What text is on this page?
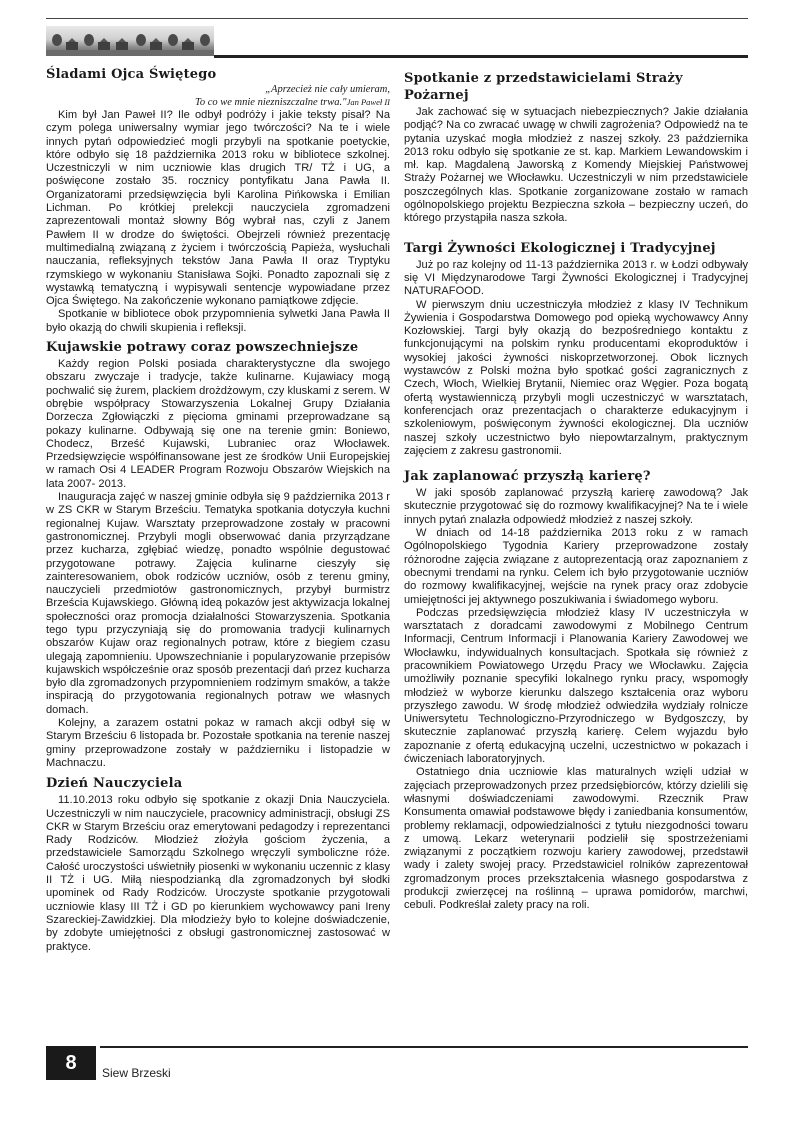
Śladami Ojca Świętego
„Aprzecież nie cały umieram,
To co we mnie niezniszczalne trwa."Jan Paweł II

Kim był Jan Paweł II? Ile odbył podróży i jakie teksty pisał? Na czym polega uniwersalny wymiar jego twórczości? Na te i wiele innych pytań odpowiedzieć mogli przybyli na spotkanie poetyckie, które odbyło się 18 października 2013 roku w bibliotece szkolnej. Uczestniczyli w nim uczniowie klas drugich TR/ TŻ i UG, a poświęcone zostało 35. rocznicy pontyfikatu Jana Pawła II. Organizatorami przedsięwzięcia byli Karolina Pińkowska i Emilian Lichman. Po krótkiej prelekcji nauczyciela zgromadzeni zaprezentowali montaż słowny Bóg wybrał nas, czyli z Janem Pawłem II w drodze do świętości. Obejrzeli również prezentację multimedialną związaną z życiem i twórczością Papieża, wysłuchali nauczania, refleksyjnych tekstów Jana Pawła II oraz Tryptyku rzymskiego w wykonaniu Stanisława Sojki. Ponadto zapoznali się z wystawką tematyczną i wypisywali sentencje wypowiadane przez Ojca Świętego. Na zakończenie wykonano pamiątkowe zdjęcie.

Spotkanie w bibliotece obok przypomnienia sylwetki Jana Pawła II było okazją do chwili skupienia i refleksji.

Kujawskie potrawy coraz powszechniejsze

Każdy region Polski posiada charakterystyczne dla swojego obszaru zwyczaje i tradycje, także kulinarne. Kujawiacy mogą pochwalić się żurem, plackiem drożdżowym, czy kluskami z serem. W obrębie współpracy Stowarzyszenia Lokalnej Grupy Działania Dorzecza Zgłowiączki z pięcioma gminami przeprowadzane są pokazy kulinarne. Odbywają się one na terenie gmin: Boniewo, Chodecz, Brześć Kujawski, Lubraniec oraz Włocławek. Przedsięwzięcie współfinansowane jest ze środków Unii Europejskiej w ramach Osi 4 LEADER Program Rozwoju Obszarów Wiejskich na lata 2007- 2013.

Inauguracja zajęć w naszej gminie odbyła się 9 października 2013 r w ZS CKR w Starym Brześciu. Tematyka spotkania dotyczyła kuchni regionalnej Kujaw. Warsztaty przeprowadzone zostały w pracowni gastronomicznej. Przybyli mogli obserwować dania przyrządzane przez kucharza, zgłębiać wiedzę, ponadto wspólnie degustować przygotowane potrawy. Zajęcia kulinarne cieszyły się zainteresowaniem, obok rodziców uczniów, osób z terenu gminy, nauczycieli przedmiotów gastronomicznych, przybył burmistrz Brześcia Kujawskiego. Główną ideą pokazów jest aktywizacja lokalnej społeczności oraz promocja działalności Stowarzyszenia. Spotkania tego typu przyczyniają się do promowania tradycji kulinarnych obszarów Kujaw oraz regionalnych potraw, które z biegiem czasu ulegają zapomnieniu. Upowszechnianie i popularyzowanie przepisów kujawskich współcześnie oraz sposób prezentacji dań przez kucharza było dla zgromadzonych przypomnieniem rodzimym smaków, a także inspiracją do przygotowania regionalnych potraw we własnych domach.

Kolejny, a zarazem ostatni pokaz w ramach akcji odbył się w Starym Brześciu 6 listopada br. Pozostałe spotkania na terenie naszej gminy przeprowadzone zostały w październiku i listopadzie w Machnaczu.

Dzień Nauczyciela

11.10.2013 roku odbyło się spotkanie z okazji Dnia Nauczyciela. Uczestniczyli w nim nauczyciele, pracownicy administracji, obsługi ZS CKR w Starym Brześciu oraz emerytowani pedagodzy i reprezentanci Rady Rodziców. Młodzież złożyła gościom życzenia, a przedstawiciele Samorządu Szkolnego wręczyli symboliczne róże. Całość uroczystości uświetniły piosenki w wykonaniu uczennic z klasy II TŻ i UG. Miłą niespodzianką dla zgromadzonych był słodki upominek od Rady Rodziców. Uroczyste spotkanie przygotowali uczniowie klasy III TŻ i GD po kierunkiem wychowawcy pani Ireny Szareckiej-Zawidzkiej. Dla młodzieży było to kolejne doświadczenie, by zdobyte umiejętności z obsługi gastronomicznej zastosować w praktyce.

Spotkanie z przedstawicielami Straży Pożarnej

Jak zachować się w sytuacjach niebezpiecznych? Jakie działania podjąć? Na co zwracać uwagę w chwili zagrożenia? Odpowiedź na te pytania uzyskać mogła młodzież z naszej szkoły. 23 października 2013 roku odbyło się spotkanie ze st. kap. Markiem Lewandowskim i mł. kap. Magdaleną Jaworską z Komendy Miejskiej Państwowej Straży Pożarnej we Włocławku. Uczestniczyli w nim przedstawiciele poszczególnych klas. Spotkanie zorganizowane zostało w ramach ogólnopolskiego projektu Bezpieczna szkoła – bezpieczny uczeń, do którego przystąpiła nasza szkoła.

Targi Żywności Ekologicznej i Tradycyjnej

Już po raz kolejny od 11-13 października 2013 r. w Łodzi odbywały się VI Międzynarodowe Targi Żywności Ekologicznej i Tradycyjnej NATURAFOOD.

W pierwszym dniu uczestniczyła młodzież z klasy IV Technikum Żywienia i Gospodarstwa Domowego pod opieką wychowawcy Anny Kozłowskiej. Targi były okazją do bezpośredniego kontaktu z funkcjonującymi na polskim rynku producentami ekoproduktów i wysokiej jakości żywności niskoprzetworzonej. Obok licznych wystawców z Polski można było spotkać gości zagranicznych z Czech, Włoch, Wielkiej Brytanii, Niemiec oraz Węgier. Poza bogatą ofertą wystawienniczą przybyli mogli uczestniczyć w warsztatach, konferencjach oraz prezentacjach o charakterze edukacyjnym i szkoleniowym, poświęconym żywności ekologicznej. Dla uczniów naszej szkoły uczestnictwo było niepowtarzalnym, praktycznym zajęciem z zakresu gastronomii.

Jak zaplanować przyszłą karierę?

W jaki sposób zaplanować przyszłą karierę zawodową? Jak skutecznie przygotować się do rozmowy kwalifikacyjnej? Na te i wiele innych pytań znalazła odpowiedź młodzież z naszej szkoły.

W dniach od 14-18 października 2013 roku z w ramach Ogólnopolskiego Tygodnia Kariery przeprowadzone zostały różnorodne zajęcia związane z autoprezentacją oraz zapoznaniem z obecnymi trendami na rynku. Celem ich było przygotowanie uczniów do rozmowy kwalifikacyjnej, wejście na rynek pracy oraz zdobycie umiejętności jej aktywnego poszukiwania i świadomego wyboru.

Podczas przedsięwzięcia młodzież klasy IV uczestniczyła w warsztatach z doradcami zawodowymi z Mobilnego Centrum Informacji, Centrum Informacji i Planowania Kariery Zawodowej we Włocławku, indywidualnych konsultacjach. Spotkała się również z pracownikiem Powiatowego Urzędu Pracy we Włocławku. Zajęcia umożliwiły poznanie specyfiki lokalnego rynku pracy, wspomogły młodzież w wyborze kierunku dalszego kształcenia oraz wyboru przyszłego zawodu. W środę młodzież odwiedziła wydziały rolnicze Uniwersytetu Technologiczno-Przyrodniczego w Bydgoszczy, by skutecznie zaplanować przyszłą karierę. Celem wyjazdu było zapoznanie z ofertą edukacyjną uczelni, uczestnictwo w pokazach i ćwiczeniach laboratoryjnych.

Ostatniego dnia uczniowie klas maturalnych wzięli udział w zajęciach przeprowadzonych przez przedsiębiorców, którzy dzielili się własnymi doświadczeniami zawodowymi. Rzecznik Praw Konsumenta omawiał podstawowe błędy i zaniedbania konsumentów, problemy reklamacji, odpowiedzialności z tytułu niezgodności towaru z umową. Lekarz weterynarii podzielił się spostrzeżeniami związanymi z początkiem rozwoju kariery zawodowej, przedstawił wady i zalety swojej pracy. Przedstawiciel rolników zaprezentował zgromadzonym proces przekształcenia własnego gospodarstwa z produkcji zwierzęcej na roślinną – uprawa pomidorów, marchwi, cebuli. Podkreślał zalety pracy na roli.

8	Siew Brzeski
